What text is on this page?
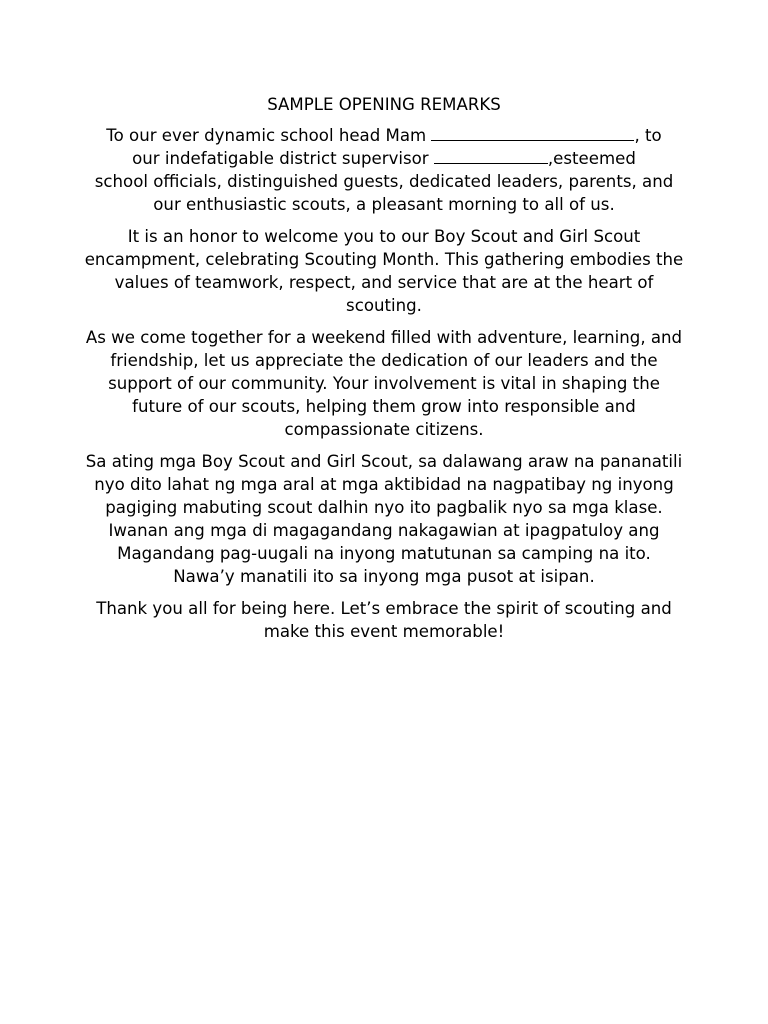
SAMPLE OPENING REMARKS
To our ever dynamic school head Mam	, to
our indefatigable district supervisor	,esteemed
school officials, distinguished guests, dedicated leaders, parents, and our enthusiastic scouts, a pleasant morning to all of us.
It is an honor to welcome you to our Boy Scout and Girl Scout encampment, celebrating Scouting Month. This gathering embodies the values of teamwork, respect, and service that are at the heart of scouting.
As we come together for a weekend filled with adventure, learning, and friendship, let us appreciate the dedication of our leaders and the support of our community. Your involvement is vital in shaping the future of our scouts, helping them grow into responsible and compassionate citizens.
Sa ating mga Boy Scout and Girl Scout, sa dalawang araw na pananatili nyo dito lahat ng mga aral at mga aktibidad na nagpatibay ng inyong pagiging mabuting scout dalhin nyo ito pagbalik nyo sa mga klase. Iwanan ang mga di magagandang nakagawian at ipagpatuloy ang Magandang pag-uugali na inyong matutunan sa camping na ito. Nawa’y manatili ito sa inyong mga pusot at isipan.
Thank you all for being here. Let’s embrace the spirit of scouting and make this event memorable!
